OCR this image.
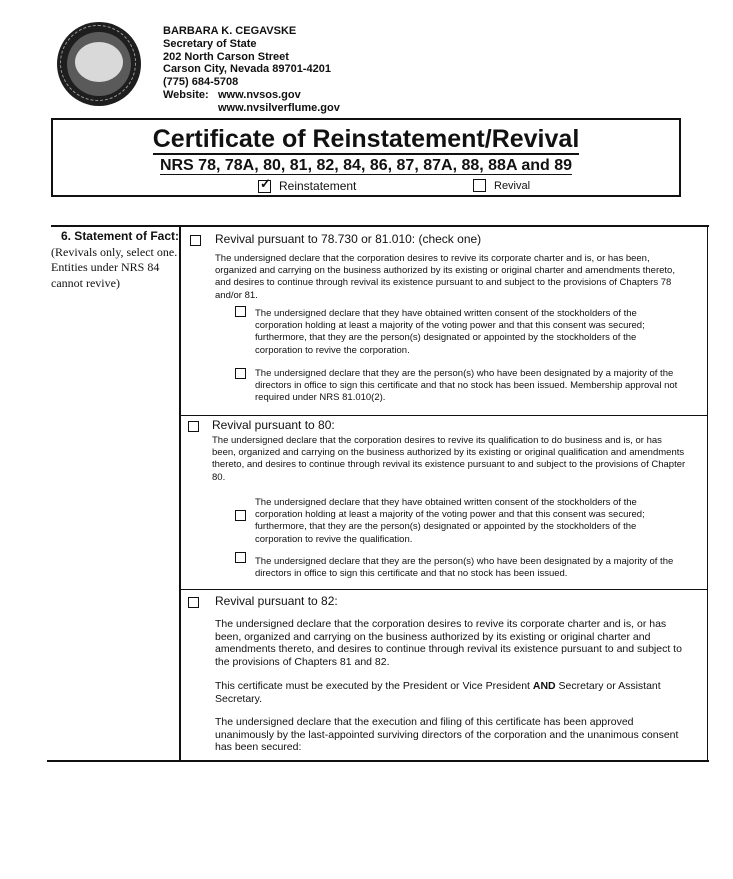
BARBARA K. CEGAVSKE
Secretary of State
202 North Carson Street
Carson City, Nevada 89701-4201
(775) 684-5708
Website: www.nvsos.gov
www.nvsilverflume.gov
Certificate of Reinstatement/Revival
NRS 78, 78A, 80, 81, 82, 84, 86, 87, 87A, 88, 88A and 89
✓ Reinstatement	Revival
6. Statement of Fact:
(Revivals only, select one. Entities under NRS 84 cannot revive)
Revival pursuant to 78.730 or 81.010: (check one)
The undersigned declare that the corporation desires to revive its corporate charter and is, or has been, organized and carrying on the business authorized by its existing or original charter and amendments thereto, and desires to continue through revival its existence pursuant to and subject to the provisions of Chapters 78 and/or 81.
The undersigned declare that they have obtained written consent of the stockholders of the corporation holding at least a majority of the voting power and that this consent was secured; furthermore, that they are the person(s) designated or appointed by the stockholders of the corporation to revive the corporation.
The undersigned declare that they are the person(s) who have been designated by a majority of the directors in office to sign this certificate and that no stock has been issued. Membership approval not required under NRS 81.010(2).
Revival pursuant to 80:
The undersigned declare that the corporation desires to revive its qualification to do business and is, or has been, organized and carrying on the business authorized by its existing or original qualification and amendments thereto, and desires to continue through revival its existence pursuant to and subject to the provisions of Chapter 80.
The undersigned declare that they have obtained written consent of the stockholders of the corporation holding at least a majority of the voting power and that this consent was secured; furthermore, that they are the person(s) designated or appointed by the stockholders of the corporation to revive the qualification.
The undersigned declare that they are the person(s) who have been designated by a majority of the directors in office to sign this certificate and that no stock has been issued.
Revival pursuant to 82:
The undersigned declare that the corporation desires to revive its corporate charter and is, or has been, organized and carrying on the business authorized by its existing or original charter and amendments thereto, and desires to continue through revival its existence pursuant to and subject to the provisions of Chapters 81 and 82.
This certificate must be executed by the President or Vice President AND Secretary or Assistant Secretary.
The undersigned declare that the execution and filing of this certificate has been approved unanimously by the last-appointed surviving directors of the corporation and the unanimous consent has been secured:
